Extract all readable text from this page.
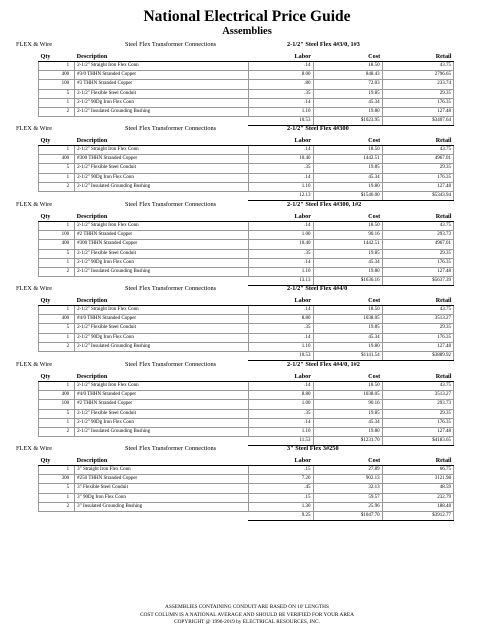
National Electrical Price Guide
Assemblies
FLEX & Wire	Steel Flex Transformer Connections	2-1/2" Steel Flex 4#3/0, 1#3
Qty	Description	Labor	Cost	Retail
1	2-1/2" Straight Iron Flex Conn	.14	18.50	43.75
400	#3/0 THHN Stranded Copper	8.00	848.43	2796.65
100	#3 THHN Stranded Copper	.80	72.03	233.74
5	2-1/2" Flexible Steel Conduit	.35	19.85	29.35
1	2-1/2" 90Dg Iron Flex Conn	.14	45.34	176.35
2	2-1/2" Insulated Grounding Bushing	1.10	19.80	127.48
		10.53	$1023.95	$3407.64
FLEX & Wire	Steel Flex Transformer Connections	2-1/2" Steel Flex 4#300
Qty	Description	Labor	Cost	Retail
1	2-1/2" Straight Iron Flex Conn	.14	18.50	43.75
400	#300 THHN Stranded Copper	10.40	1442.51	4967.01
5	2-1/2" Flexible Steel Conduit	.35	19.85	29.35
1	2-1/2" 90Dg Iron Flex Conn	.14	45.34	176.35
2	2-1/2" Insulated Grounding Bushing	1.10	19.80	127.48
		12.13	$1546.00	$5343.94
FLEX & Wire	Steel Flex Transformer Connections	2-1/2" Steel Flex 4#300, 1#2
Qty	Description	Labor	Cost	Retail
1	2-1/2" Straight Iron Flex Conn	.14	18.50	43.75
100	#2 THHN Stranded Copper	1.00	90.16	293.73
400	#300 THHN Stranded Copper	10.40	1442.51	4967.01
5	2-1/2" Flexible Steel Conduit	.35	19.85	29.35
1	2-1/2" 90Dg Iron Flex Conn	.14	45.34	176.35
2	2-1/2" Insulated Grounding Bushing	1.10	19.80	127.48
		13.13	$1636.16	$5637.39
FLEX & Wire	Steel Flex Transformer Connections	2-1/2" Steel Flex 4#4/0
Qty	Description	Labor	Cost	Retail
1	2-1/2" Straight Iron Flex Conn	.14	18.50	43.75
400	#4/0 THHN Stranded Copper	8.80	1038.05	3513.27
5	2-1/2" Flexible Steel Conduit	.35	19.85	29.35
1	2-1/2" 90Dg Iron Flex Conn	.14	45.34	176.35
2	2-1/2" Insulated Grounding Bushing	1.10	19.80	127.48
		10.53	$1141.54	$3889.92
FLEX & Wire	Steel Flex Transformer Connections	2-1/2" Steel Flex 4#4/0, 1#2
Qty	Description	Labor	Cost	Retail
1	2-1/2" Straight Iron Flex Conn	.14	18.50	43.75
400	#4/0 THHN Stranded Copper	8.80	1038.05	3513.27
100	#2 THHN Stranded Copper	1.00	90.16	293.73
5	2-1/2" Flexible Steel Conduit	.35	19.85	29.35
1	2-1/2" 90Dg Iron Flex Conn	.14	45.34	176.35
2	2-1/2" Insulated Grounding Bushing	1.10	19.80	127.48
		11.53	$1231.70	$4183.65
FLEX & Wire	Steel Flex Transformer Connections	3" Steel Flex 3#250
Qty	Description	Labor	Cost	Retail
1	3" Straight Iron Flex Conn	.15	27.89	66.75
300	#250 THHN Stranded Copper	7.20	902.13	3121.98
5	3" Flexible Steel Conduit	.45	32.13	48.59
1	3" 90Dg Iron Flex Conn	.15	59.57	232.79
2	3" Insulated Grounding Bushing	1.30	25.96	188.48
		9.25	$1047.70	$3912.77
ASSEMBLIES CONTAINING CONDUIT ARE BASED ON 10' LENGTHS
COST COLUMN IS A NATIONAL AVERAGE AND SHOULD BE VERIFIED FOR YOUR AREA
COPYRIGHT @ 1996-2019 by ELECTRICAL RESOURCES, INC.
